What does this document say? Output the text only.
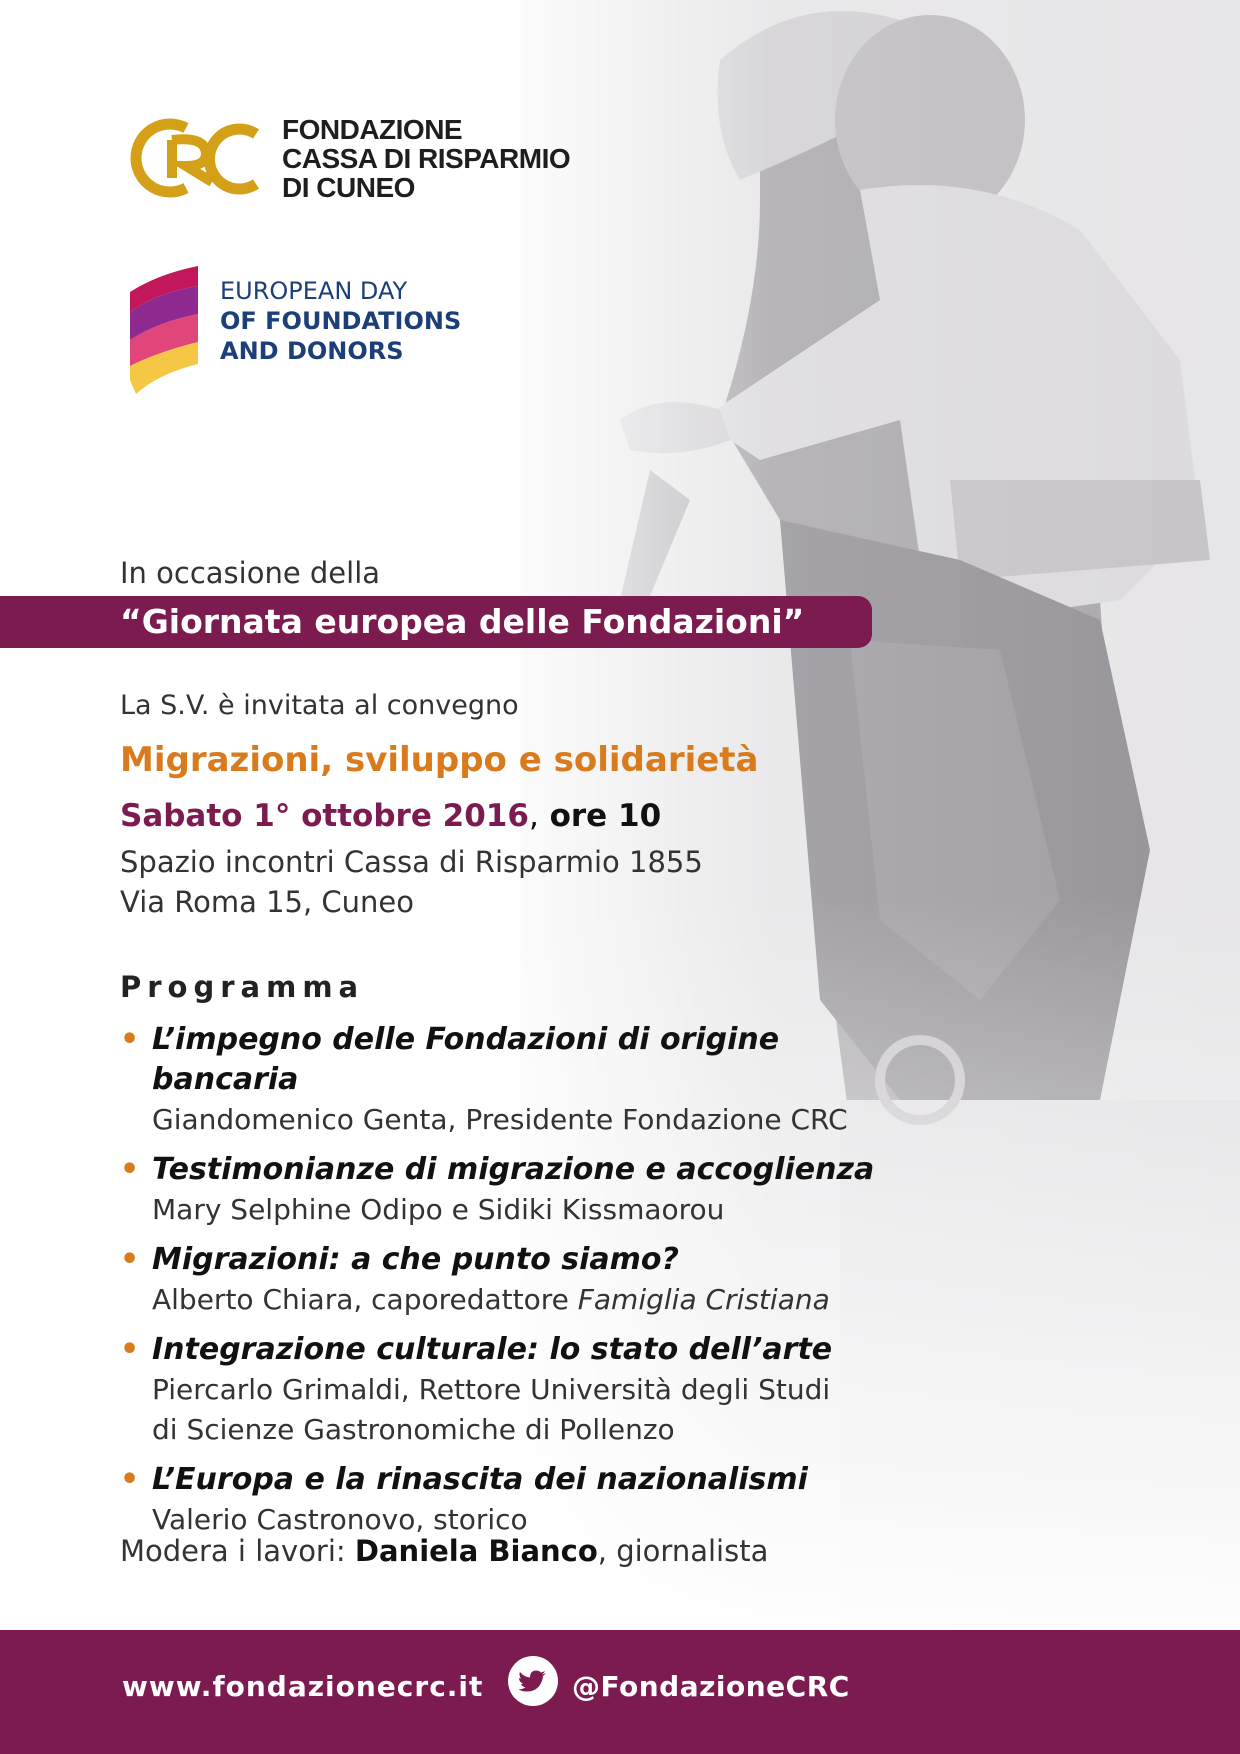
FONDAZIONE
CASSA DI RISPARMIO
DI CUNEO
EUROPEAN DAY
OF FOUNDATIONS
AND DONORS
In occasione della
“Giornata europea delle Fondazioni”
La S.V. è invitata al convegno
Migrazioni, sviluppo e solidarietà
Sabato 1° ottobre 2016, ore 10
Spazio incontri Cassa di Risparmio 1855
Via Roma 15, Cuneo
Programma
• L’impegno delle Fondazioni di origine bancaria
Giandomenico Genta, Presidente Fondazione CRC
• Testimonianze di migrazione e accoglienza
Mary Selphine Odipo e Sidiki Kissmaorou
• Migrazioni: a che punto siamo?
Alberto Chiara, caporedattore Famiglia Cristiana
• Integrazione culturale: lo stato dell’arte
Piercarlo Grimaldi, Rettore Università degli Studi
di Scienze Gastronomiche di Pollenzo
• L’Europa e la rinascita dei nazionalismi
Valerio Castronovo, storico
Modera i lavori: Daniela Bianco, giornalista
www.fondazionecrc.it	@FondazioneCRC
